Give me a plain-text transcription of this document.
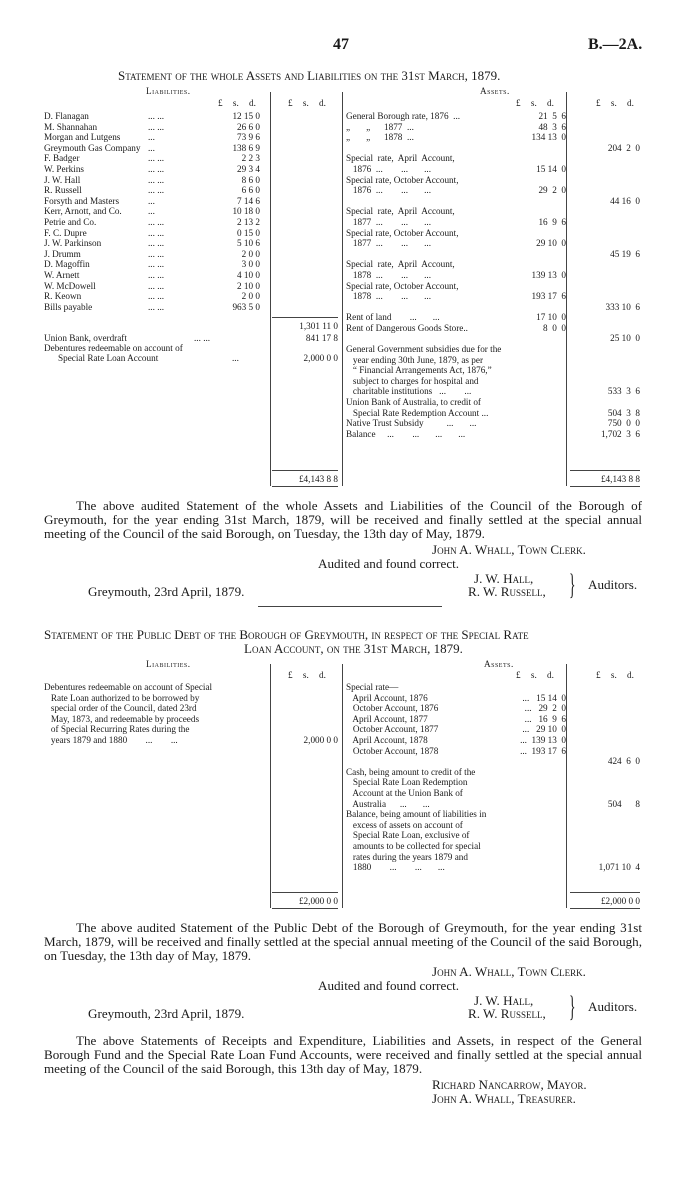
47	B.—2A.
Statement of the whole Assets and Liabilities on the 31st March, 1879.
Liabilities.	Assets.
£ s. d.	£ s. d.	£ s. d.	£ s. d.
D. Flanagan	... ...	12 15 0
M. Shannahan	... ...	26 6 0
Morgan and Lutgens	...	73 9 6
Greymouth Gas Company ...	138 6 9
F. Badger	... ...	2 2 3
W. Perkins	... ...	29 3 4
J. W. Hall	... ...	8 6 0
R. Russell	... ...	6 6 0
Forsyth and Masters	...	7 14 6
Kerr, Arnott, and Co.	...	10 18 0
Petrie and Co.	... ...	2 13 2
F. C. Dupre	... ...	0 15 0
J. W. Parkinson	... ...	5 10 6
J. Drumm	... ...	2 0 0
D. Magoffin	... ...	3 0 0
W. Arnett	... ...	4 10 0
W. McDowell	... ...	2 10 0
R. Keown	... ...	2 0 0
Bills payable	... ...	963 5 0
1,301 11 0
Union Bank, overdraft	... ...	841 17 8
Debentures redeemable on account of
Special Rate Loan Account	...	2,000 0 0
£4,143 8 8
General Borough rate, 1876  ...	21  5  6
„       „      1877  ...	48  3  6
„       „      1878  ...	134 13  0
204  2  0
Special  rate,  April  Account,
1876  ...        ...       ...	15 14  0
Special rate, October Account,
1876  ...        ...       ...	29  2  0
44 16  0
Special  rate,  April  Account,
1877  ...        ...       ...	16  9  6
Special rate, October Account,
1877  ...        ...       ...	29 10  0
45 19  6
Special  rate,  April  Account,
1878  ...        ...       ...	139 13  0
Special rate, October Account,
1878  ...        ...       ...	193 17  6
333 10  6
Rent of land        ...       ...	17 10  0
Rent of Dangerous Goods Store..	8  0  0
25 10  0
General Government subsidies due for the
year ending 30th June, 1879, as per
“ Financial Arrangements Act, 1876,”
subject to charges for hospital and
charitable institutions   ...        ...	533  3  6
Union Bank of Australia, to credit of
Special Rate Redemption Account ...	504  3  8
Native Trust Subsidy          ...       ...	750  0  0
Balance     ...        ...       ...       ...	1,702  3  6
£4,143 8 8
The above audited Statement of the whole Assets and Liabilities of the Council of the Borough of Greymouth, for the year ending 31st March, 1879, will be received and finally settled at the special annual meeting of the Council of the said Borough, on Tuesday, the 13th day of May, 1879.
John A. Whall, Town Clerk.
Audited and found correct.
J. W. Hall,
R. W. Russell, } Auditors.
Greymouth, 23rd April, 1879.
Statement of the Public Debt of the Borough of Greymouth, in respect of the Special Rate
Loan Account, on the 31st March, 1879.
Liabilities.	Assets.
£ s. d.	£ s. d.	£ s. d.
Debentures redeemable on account of Special
Rate Loan authorized to be borrowed by
special order of the Council, dated 23rd
May, 1873, and redeemable by proceeds
of Special Recurring Rates during the
years 1879 and 1880        ...        ...	2,000 0 0
£2,000 0 0
Special rate—
April Account, 1876	...   15 14  0
October Account, 1876	...   29  2  0
April Account, 1877	...   16  9  6
October Account, 1877	...   29 10  0
April Account, 1878	...  139 13  0
October Account, 1878	...  193 17  6
424  6  0
Cash, being amount to credit of the
Special Rate Loan Redemption
Account at the Union Bank of
Australia      ...       ...	504      8
Balance, being amount of liabilities in
excess of assets on account of
Special Rate Loan, exclusive of
amounts to be collected for special
rates during the years 1879 and
1880        ...        ...       ...	1,071 10  4
£2,000 0 0
The above audited Statement of the Public Debt of the Borough of Greymouth, for the year ending 31st March, 1879, will be received and finally settled at the special annual meeting of the Council of the said Borough, on Tuesday, the 13th day of May, 1879.
John A. Whall, Town Clerk.
Audited and found correct.
J. W. Hall,
R. W. Russell, } Auditors.
Greymouth, 23rd April, 1879.
The above Statements of Receipts and Expenditure, Liabilities and Assets, in respect of the General Borough Fund and the Special Rate Loan Fund Accounts, were received and finally settled at the special annual meeting of the Council of the said Borough, this 13th day of May, 1879.
Richard Nancarrow, Mayor.
John A. Whall, Treasurer.
